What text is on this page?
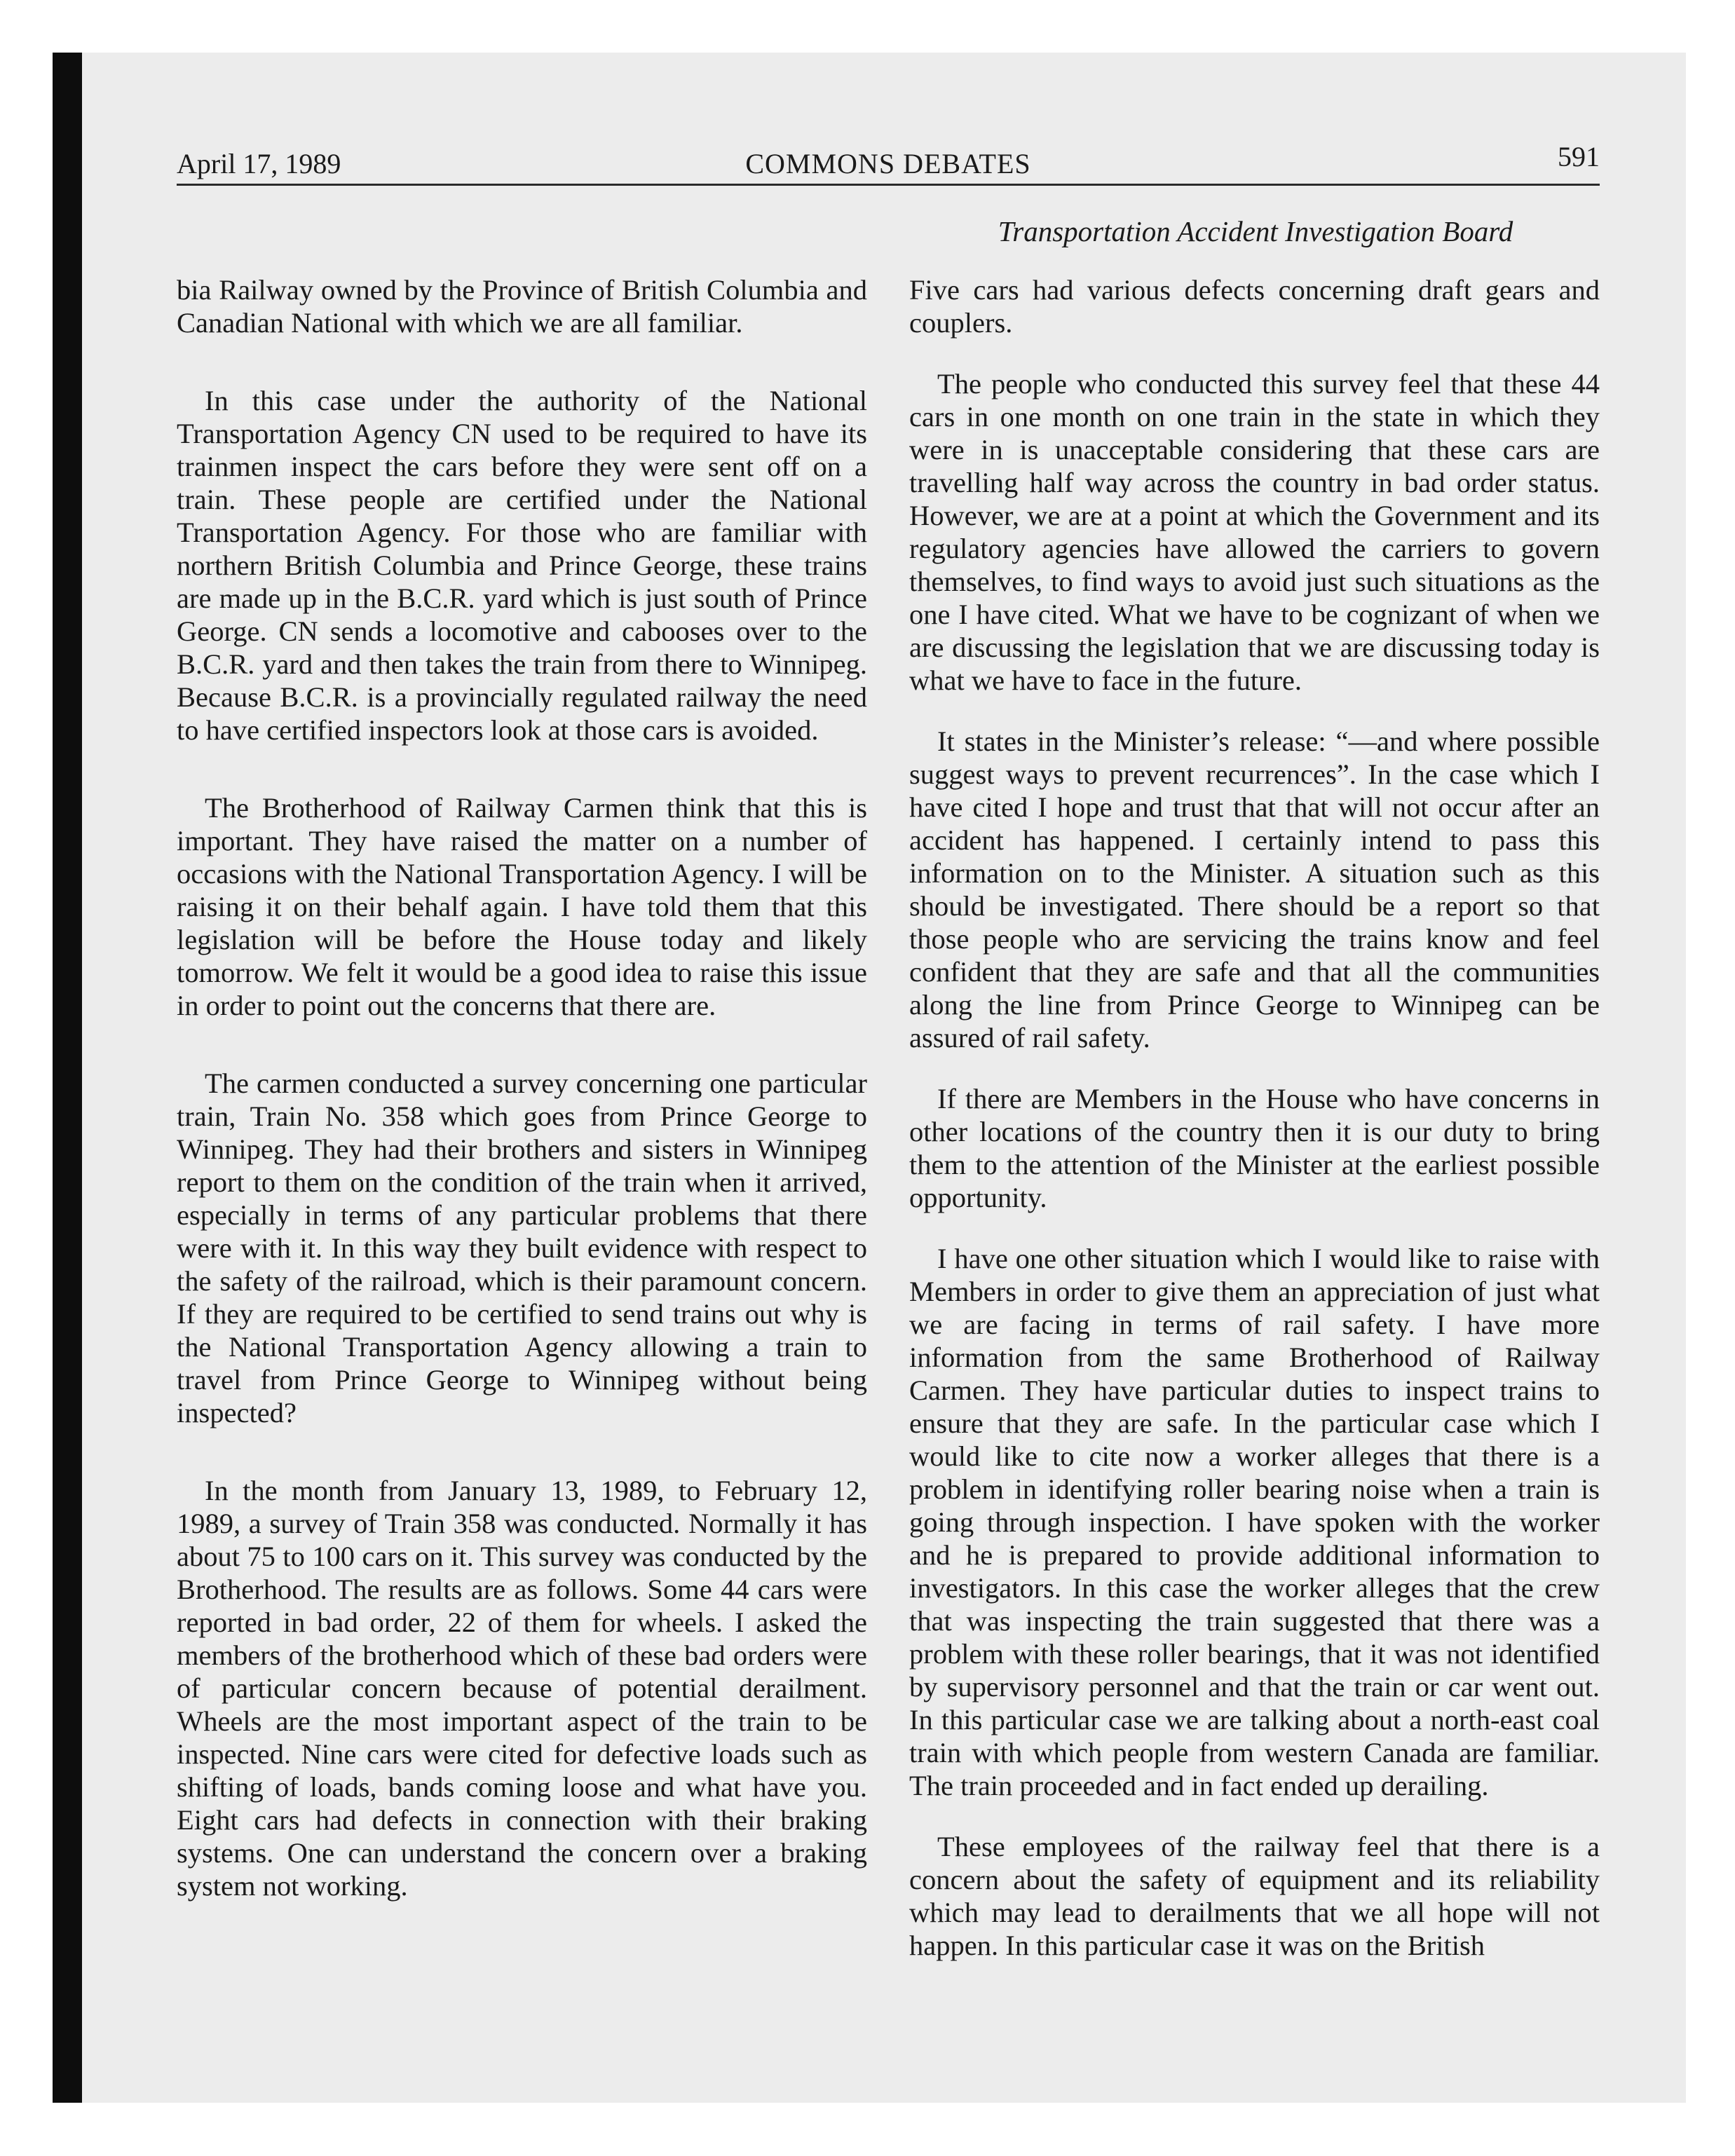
April 17, 1989	COMMONS DEBATES	591
Transportation Accident Investigation Board

bia Railway owned by the Province of British Columbia and Canadian National with which we are all familiar.

In this case under the authority of the National Transportation Agency CN used to be required to have its trainmen inspect the cars before they were sent off on a train. These people are certified under the National Transportation Agency. For those who are familiar with northern British Columbia and Prince George, these trains are made up in the B.C.R. yard which is just south of Prince George. CN sends a locomotive and cabooses over to the B.C.R. yard and then takes the train from there to Winnipeg. Because B.C.R. is a provincially regulated railway the need to have certified inspectors look at those cars is avoided.

The Brotherhood of Railway Carmen think that this is important. They have raised the matter on a number of occasions with the National Transportation Agency. I will be raising it on their behalf again. I have told them that this legislation will be before the House today and likely tomorrow. We felt it would be a good idea to raise this issue in order to point out the concerns that there are.

The carmen conducted a survey concerning one particular train, Train No. 358 which goes from Prince George to Winnipeg. They had their brothers and sisters in Winnipeg report to them on the condition of the train when it arrived, especially in terms of any particular problems that there were with it. In this way they built evidence with respect to the safety of the railroad, which is their paramount concern. If they are required to be certified to send trains out why is the National Transportation Agency allowing a train to travel from Prince George to Winnipeg without being inspected?

In the month from January 13, 1989, to February 12, 1989, a survey of Train 358 was conducted. Normally it has about 75 to 100 cars on it. This survey was conducted by the Brotherhood. The results are as follows. Some 44 cars were reported in bad order, 22 of them for wheels. I asked the members of the brotherhood which of these bad orders were of particular concern because of potential derailment. Wheels are the most important aspect of the train to be inspected. Nine cars were cited for defective loads such as shifting of loads, bands coming loose and what have you. Eight cars had defects in connection with their braking systems. One can understand the concern over a braking system not working.

Five cars had various defects concerning draft gears and couplers.

The people who conducted this survey feel that these 44 cars in one month on one train in the state in which they were in is unacceptable considering that these cars are travelling half way across the country in bad order status. However, we are at a point at which the Government and its regulatory agencies have allowed the carriers to govern themselves, to find ways to avoid just such situations as the one I have cited. What we have to be cognizant of when we are discussing the legislation that we are discussing today is what we have to face in the future.

It states in the Minister’s release: “—and where possible suggest ways to prevent recurrences”. In the case which I have cited I hope and trust that that will not occur after an accident has happened. I certainly intend to pass this information on to the Minister. A situation such as this should be investigated. There should be a report so that those people who are servicing the trains know and feel confident that they are safe and that all the communities along the line from Prince George to Winnipeg can be assured of rail safety.

If there are Members in the House who have concerns in other locations of the country then it is our duty to bring them to the attention of the Minister at the earliest possible opportunity.

I have one other situation which I would like to raise with Members in order to give them an appreciation of just what we are facing in terms of rail safety. I have more information from the same Brotherhood of Railway Carmen. They have particular duties to inspect trains to ensure that they are safe. In the particular case which I would like to cite now a worker alleges that there is a problem in identifying roller bearing noise when a train is going through inspection. I have spoken with the worker and he is prepared to provide additional information to investigators. In this case the worker alleges that the crew that was inspecting the train suggested that there was a problem with these roller bearings, that it was not identified by supervisory personnel and that the train or car went out. In this particular case we are talking about a north-east coal train with which people from western Canada are familiar. The train proceeded and in fact ended up derailing.

These employees of the railway feel that there is a concern about the safety of equipment and its reliability which may lead to derailments that we all hope will not happen. In this particular case it was on the British
